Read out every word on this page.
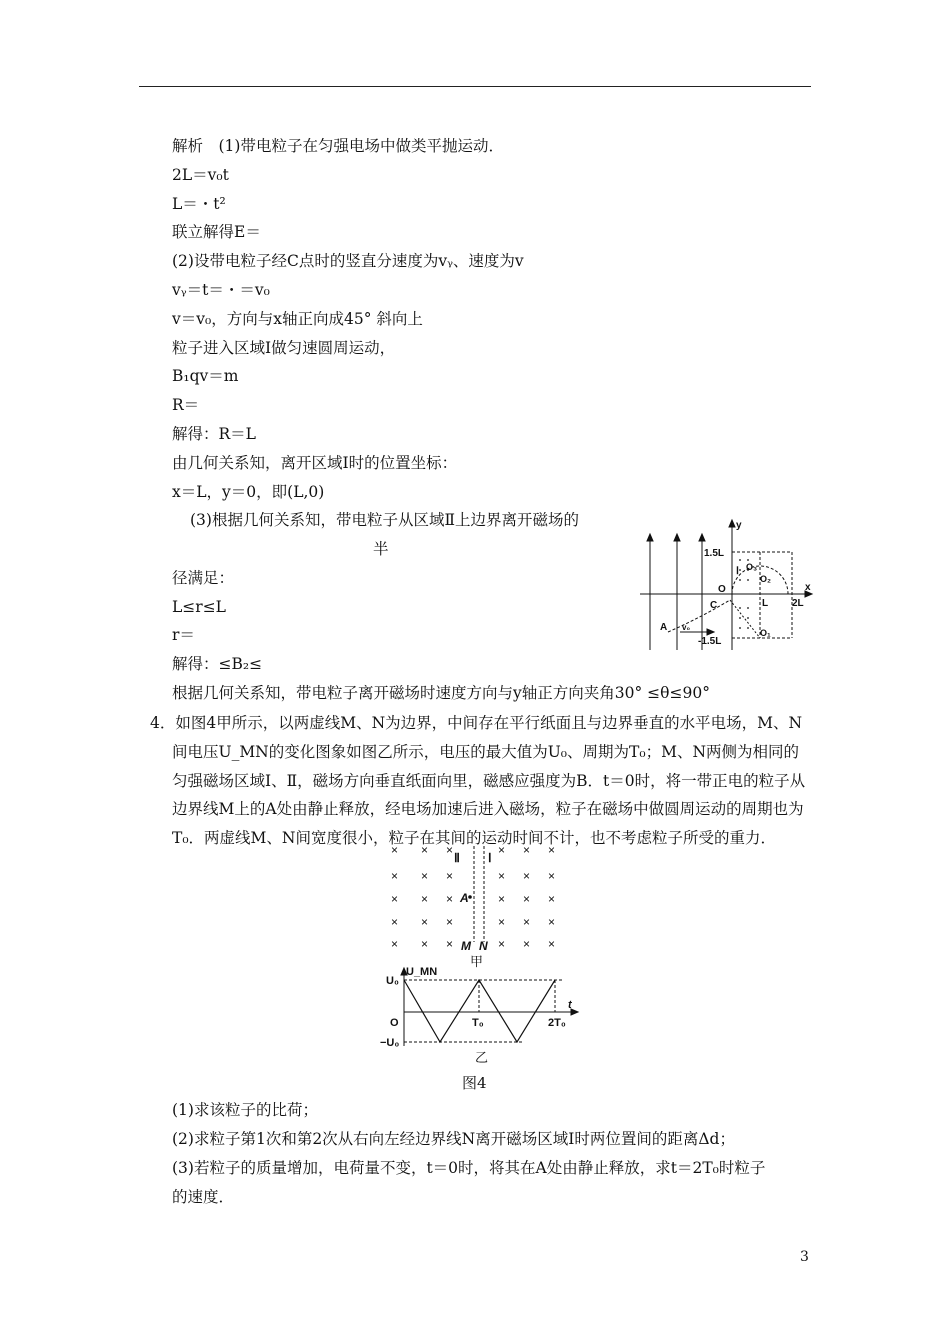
解析　(1)带电粒子在匀强电场中做类平抛运动．
2L＝v₀t
L＝・t²
联立解得E＝
(2)设带电粒子经C点时的竖直分速度为vᵧ、速度为v
vᵧ＝t＝・＝v₀
v＝v₀，方向与x轴正向成45° 斜向上
粒子进入区域Ⅰ做匀速圆周运动，
B₁qv＝m
R＝
解得：R＝L
由几何关系知，离开区域Ⅰ时的位置坐标：
x＝L，y＝0，即(L,0)
(3)根据几何关系知，带电粒子从区域Ⅱ上边界离开磁场的
半
径满足：
L≤r≤L
r＝
解得：≤B₂≤
根据几何关系知，带电粒子离开磁场时速度方向与y轴正方向夹角30° ≤θ≤90°
y
x
O
C
A v₀
1.5L
-1.5L
L 2L
Ⅰ
O₁
O₂
O₃
4．如图4甲所示，以两虚线M、N为边界，中间存在平行纸面且与边界垂直的水平电场，M、N间电压U_MN的变化图象如图乙所示，电压的最大值为U₀、周期为T₀；M、N两侧为相同的匀强磁场区域Ⅰ、Ⅱ，磁场方向垂直纸面向里，磁感应强度为B．t＝0时，将一带正电的粒子从边界线M上的A处由静止释放，经电场加速后进入磁场，粒子在磁场中做圆周运动的周期也为T₀．两虚线M、N间宽度很小，粒子在其间的运动时间不计，也不考虑粒子所受的重力．
× × ×	× × ×
× × ×	× × ×
× × ×	× × ×
× × ×	× × ×
× × ×	× × ×
Ⅱ Ⅰ
A
M N
甲
U_MN
U₀
−U₀
O
t
T₀	2T₀
乙
图4
(1)求该粒子的比荷；
(2)求粒子第1次和第2次从右向左经边界线N离开磁场区域Ⅰ时两位置间的距离Δd；
(3)若粒子的质量增加，电荷量不变，t＝0时，将其在A处由静止释放，求t＝2T₀时粒子
的速度．
3
